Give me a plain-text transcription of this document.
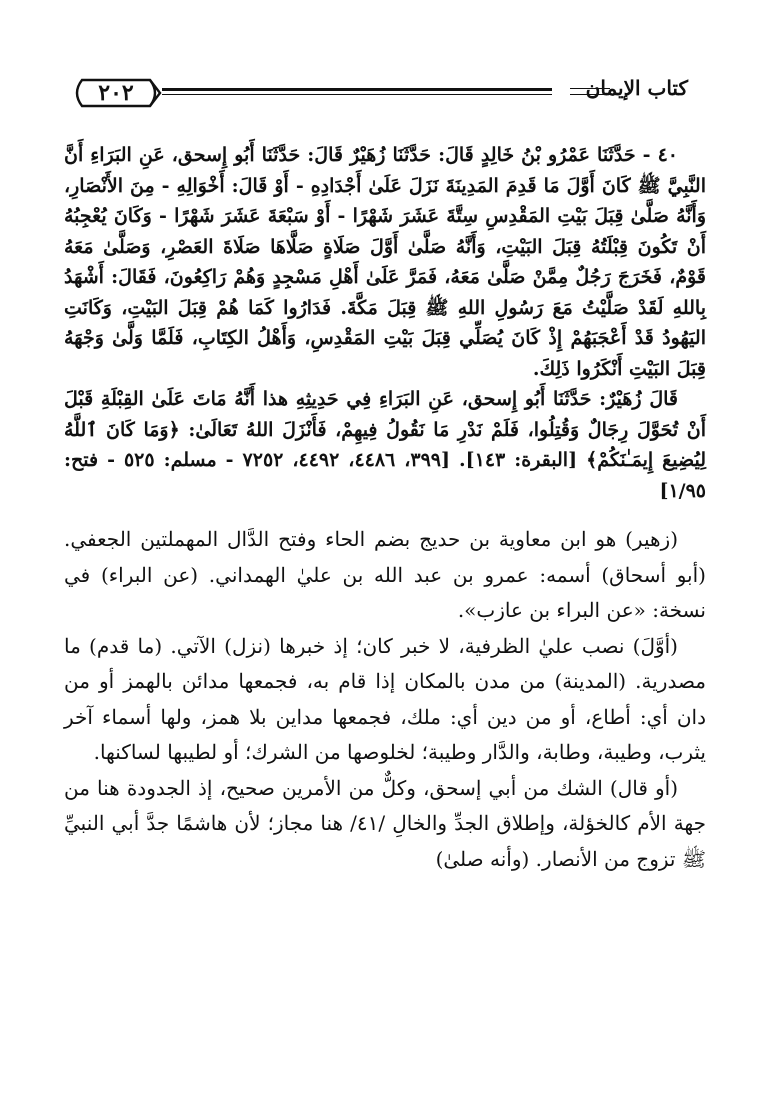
٢٠٢	كتاب الإيمان

٤٠ - حَدَّثَنَا عَمْرُو بْنُ خَالِدٍ قَالَ: حَدَّثَنَا زُهَيْرٌ قَالَ: حَدَّثَنَا أَبُو إِسحق، عَنِ البَرَاءِ أَنَّ النَّبِيَّ ﷺ كَانَ أَوَّلَ مَا قَدِمَ المَدِينَةَ نَزَلَ عَلَىٰ أَجْدَادِهِ - أَوْ قَالَ: أَخْوَالِهِ - مِنَ الأَنْصَارِ، وَأَنَّهُ صَلَّىٰ قِبَلَ بَيْتِ المَقْدِسِ سِتَّةَ عَشَرَ شَهْرًا - أَوْ سَبْعَةَ عَشَرَ شَهْرًا - وَكَانَ يُعْجِبُهُ أَنْ تَكُونَ قِبْلَتُهُ قِبَلَ البَيْتِ، وَأَنَّهُ صَلَّىٰ أَوَّلَ صَلَاةٍ صَلَّاهَا صَلَاةَ العَصْرِ، وَصَلَّىٰ مَعَهُ قَوْمٌ، فَخَرَجَ رَجُلٌ مِمَّنْ صَلَّىٰ مَعَهُ، فَمَرَّ عَلَىٰ أَهْلِ مَسْجِدٍ وَهُمْ رَاكِعُونَ، فَقَالَ: أَشْهَدُ بِاللهِ لَقَدْ صَلَّيْتُ مَعَ رَسُولِ اللهِ ﷺ قِبَلَ مَكَّةَ. فَدَارُوا كَمَا هُمْ قِبَلَ البَيْتِ، وَكَانَتِ اليَهُودُ قَدْ أَعْجَبَهُمْ إِذْ كَانَ يُصَلِّي قِبَلَ بَيْتِ المَقْدِسِ، وَأَهْلُ الكِتَابِ، فَلَمَّا وَلَّىٰ وَجْهَهُ قِبَلَ البَيْتِ أَنْكَرُوا ذَلِكَ.

قَالَ زُهَيْرٌ: حَدَّثَنَا أَبُو إِسحق، عَنِ البَرَاءِ فِي حَدِيثِهِ هذا أَنَّهُ مَاتَ عَلَىٰ القِبْلَةِ قَبْلَ أَنْ تُحَوَّلَ رِجَالٌ وَقُتِلُوا، فَلَمْ نَدْرِ مَا نَقُولُ فِيهِمْ، فَأَنْزَلَ اللهُ تَعَالَىٰ: ﴿وَمَا كَانَ ٱللَّهُ لِيُضِيعَ إِيمَـٰنَكُمْ﴾ [البقرة: ١٤٣]. [٣٩٩، ٤٤٨٦، ٤٤٩٢، ٧٢٥٢ - مسلم: ٥٢٥ - فتح: ١/٩٥]

(زهير) هو ابن معاوية بن حديج بضم الحاء وفتح الدَّال المهملتين الجعفي. (أبو أسحاق) أسمه: عمرو بن عبد الله بن عليٰ الهمداني. (عن البراء) في نسخة: «عن البراء بن عازب».

(أوَّلَ) نصب عليٰ الظرفية، لا خبر كان؛ إذ خبرها (نزل) الآتي. (ما قدم) ما مصدرية. (المدينة) من مدن بالمكان إذا قام به، فجمعها مدائن بالهمز أو من دان أي: أطاع، أو من دين أي: ملك، فجمعها مداين بلا همز، ولها أسماء آخر يثرب، وطيبة، وطابة، والدَّار وطيبة؛ لخلوصها من الشرك؛ أو لطيبها لساكنها.

(أو قال) الشك من أبي إسحق، وكلٌّ من الأمرين صحيح، إذ الجدودة هنا من جهة الأم كالخؤلة، وإطلاق الجدِّ والخالِ /٤١/ هنا مجاز؛ لأن هاشمًا جدَّ أبي النبيِّ ﷺ تزوج من الأنصار. (وأنه صلىٰ)
